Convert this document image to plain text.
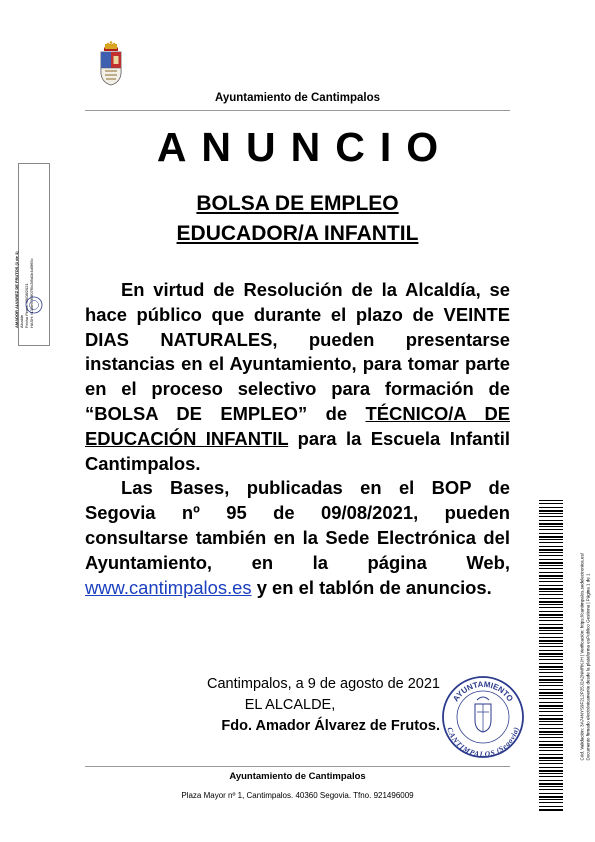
Ayuntamiento de Cantimpalos
ANUNCIO
BOLSA DE EMPLEO
EDUCADOR/A INFANTIL

En virtud de Resolución de la Alcaldía, se hace público que durante el plazo de VEINTE DIAS NATURALES, pueden presentarse instancias en el Ayuntamiento, para tomar parte en el proceso selectivo para formación de “BOLSA DE EMPLEO” de TÉCNICO/A DE EDUCACIÓN INFANTIL para la Escuela Infantil Cantimpalos.

Las Bases, publicadas en el BOP de Segovia nº 95 de 09/08/2021, pueden consultarse también en la Sede Electrónica del Ayuntamiento, en la página Web, www.cantimpalos.es y en el tablón de anuncios.

Cantimpalos, a 9 de agosto de 2021
EL ALCALDE,
Fdo. Amador Álvarez de Frutos.
AYUNTAMIENTO
CANTIMPALOS (Segovia)
Ayuntamiento de Cantimpalos
Plaza Mayor nº 1, Cantimpalos. 40360 Segovia. Tfno. 921496009
AMADOR ALVAREZ DE FRUTOS (1 de 1) Alcalde Fecha Firma: 09/08/2021 HASH: f13bb6063f07f5c2f8d1b4d5f65c
Cód. Validación: 3A74NYS9F2L2P25J2A2NMRKJH | Verificación: https://cantimpalos.sedelectronica.es/ Documento firmado electrónicamente desde la plataforma esPublico Gestiona | Página 1 de 1
